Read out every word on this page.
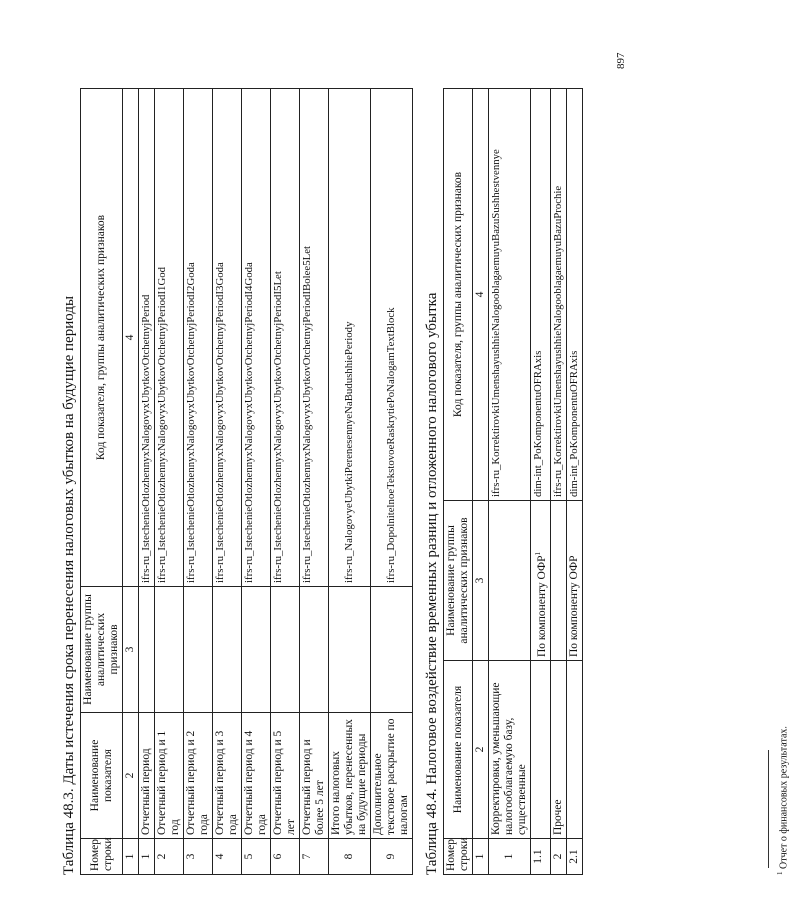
Таблица 48.3. Даты истечения срока перенесения налоговых убытков на будущие периоды Номер строки	Наименование показателя	Наименование группы аналитических признаков	Код показателя, группы аналитических признаков
1	2	3	4
1	Отчетный период		ifrs-ru_IstechenieOtlozhennyxNalogovyxUbytkovOtchetnyjPeriod
2	Отчетный период и 1 год		ifrs-ru_IstechenieOtlozhennyxNalogovyxUbytkovOtchetnyjPeriodI1God
3	Отчетный период и 2 года		ifrs-ru_IstechenieOtlozhennyxNalogovyxUbytkovOtchetnyjPeriodI2Goda
4	Отчетный период и 3 года		ifrs-ru_IstechenieOtlozhennyxNalogovyxUbytkovOtchetnyjPeriodI3Goda
5	Отчетный период и 4 года		ifrs-ru_IstechenieOtlozhennyxNalogovyxUbytkovOtchetnyjPeriodI4Goda
6	Отчетный период и 5 лет		ifrs-ru_IstechenieOtlozhennyxNalogovyxUbytkovOtchetnyjPeriodI5Let
7	Отчетный период и более 5 лет		ifrs-ru_IstechenieOtlozhennyxNalogovyxUbytkovOtchetnyjPeriodIBolee5Let
8	Итого налоговых убытков, перенесенных на будущие периоды		ifrs-ru_NalogovyeUbytkiPerenesennyeNaBudushhiePeriody
9	Дополнительное текстовое раскрытие по налогам		ifrs-ru_DopolnitelnoeTekstovoeRaskrytiePoNalogamTextBlock Таблица 48.4. Налоговое воздействие временных разниц и отложенного налогового убытка Номер строки	Наименование показателя	Наименование группы аналитических признаков	Код показателя, группы аналитических признаков
1	2	3	4
1	Корректировки, уменьшающие налогооблагаемую базу, существенные		ifrs-ru_KorrektirovkiUmenshayushhieNalogooblagaemuyuBazuSushhestvennye
1.1		По компоненту ОФР$^1$	dim-int_PoKomponentuOFRAxis
2	Прочее		ifrs-ru_KorrektirovkiUmenshayushhieNalogooblagaemuyuBazuProchie
2.1		По компоненту ОФР	dim-int_PoKomponentuOFRAxis
$^1$ Отчет о финансовых результатах.
897
